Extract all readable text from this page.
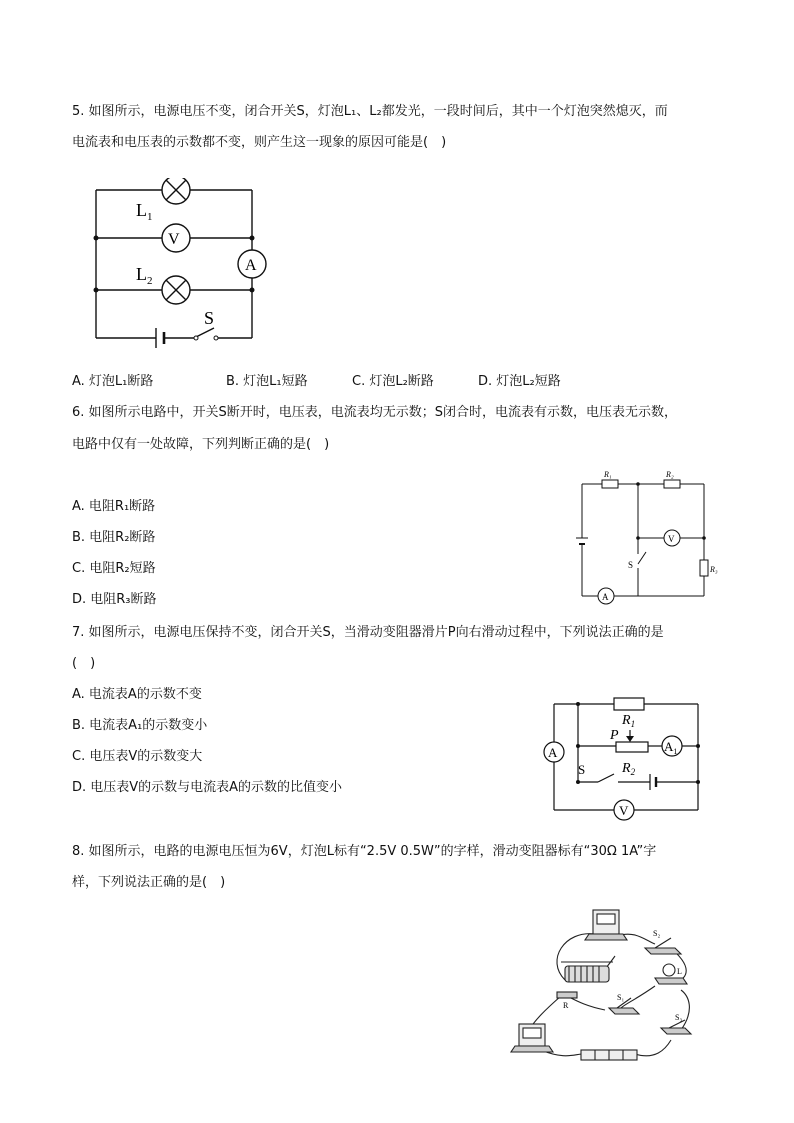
5. 如图所示，电源电压不变，闭合开关S，灯泡L₁、L₂都发光，一段时间后，其中一个灯泡突然熄灭，而
电流表和电压表的示数都不变，则产生这一现象的原因可能是(　)
$L_1$
V
$L_2$
A
S
A. 灯泡L₁断路	B. 灯泡L₁短路	C. 灯泡L₂断路	D. 灯泡L₂短路
6. 如图所示电路中，开关S断开时，电压表，电流表均无示数；S闭合时，电流表有示数，电压表无示数，
电路中仅有一处故障，下列判断正确的是(　)
A. 电阻R₁断路
B. 电阻R₂断路
C. 电阻R₂短路
D. 电阻R₃断路
R₁	R₂
R₃
V
A
S
7. 如图所示，电源电压保持不变，闭合开关S，当滑动变阻器滑片P向右滑动过程中，下列说法正确的是
(　)
A. 电流表A的示数不变
B. 电流表A₁的示数变小
C. 电压表V的示数变大
D. 电压表V的示数与电流表A的示数的比值变小
$R_1$
P
$R_2$
A	$A_1$
V
S
8. 如图所示，电路的电源电压恒为6V，灯泡L标有“2.5V 0.5W”的字样，滑动变阻器标有“30Ω 1A”字
样，下列说法正确的是(　)
S₂
L
S₁
R
S₃
